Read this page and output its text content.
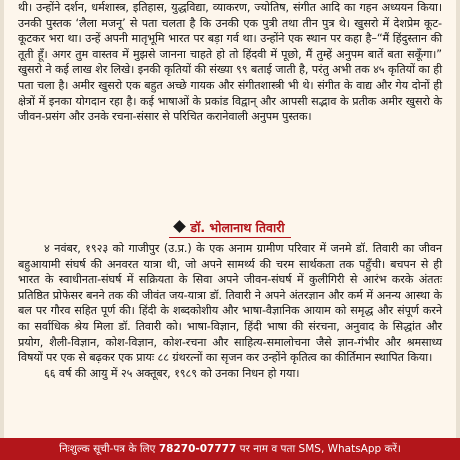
थी। उन्होंने दर्शन, धर्मशास्त्र, इतिहास, युद्धविद्या, व्याकरण, ज्योतिष, संगीत आदि का गहन अध्ययन किया। उनकी पुस्तक ‘लैला मजनू’ से पता चलता है कि उनकी एक पुत्री तथा तीन पुत्र थे। खुसरो में देशप्रेम कूट-कूटकर भरा था। उन्हें अपनी मातृभूमि भारत पर बड़ा गर्व था। उन्होंने एक स्थान पर कहा है–“मैं हिंदुस्तान की तूती हूँ। अगर तुम वास्तव में मुझसे जानना चाहते हो तो हिंदवी में पूछो, मैं तुम्हें अनुपम बातें बता सकूँगा।” खुसरो ने कई लाख शेर लिखे। इनकी कृतियों की संख्या ९९ बताई जाती है, परंतु अभी तक ४५ कृतियों का ही पता चला है। अमीर खुसरो एक बहुत अच्छे गायक और संगीतशास्त्री भी थे। संगीत के वाद्य और गेय दोनों ही क्षेत्रों में इनका योगदान रहा है। कई भाषाओं के प्रकांड विद्वान् और आपसी सद्भाव के प्रतीक अमीर खुसरो के जीवन-प्रसंग और उनके रचना-संसार से परिचित करानेवाली अनुपम पुस्तक।
डॉ. भोलानाथ तिवारी

४ नवंबर, १९२३ को गाजीपुर (उ.प्र.) के एक अनाम ग्रामीण परिवार में जनमे डॉ. तिवारी का जीवन बहुआयामी संघर्ष की अनवरत यात्रा थी, जो अपने सामर्थ्य की चरम सार्थकता तक पहुँची। बचपन से ही भारत के स्वाधीनता-संघर्ष में सक्रियता के सिवा अपने जीवन-संघर्ष में कुलीगिरी से आरंभ करके अंततः प्रतिष्ठित प्रोफेसर बनने तक की जीवंत जय-यात्रा डॉ. तिवारी ने अपने अंतरज्ञान और कर्म में अनन्य आस्था के बल पर गौरव सहित पूर्ण की। हिंदी के शब्दकोशीय और भाषा-वैज्ञानिक आयाम को समृद्ध और संपूर्ण करने का सर्वाधिक श्रेय मिला डॉ. तिवारी को। भाषा-विज्ञान, हिंदी भाषा की संरचना, अनुवाद के सिद्धांत और प्रयोग, शैली-विज्ञान, कोश-विज्ञान, कोश-रचना और साहित्य-समालोचना जैसे ज्ञान-गंभीर और श्रमसाध्य विषयों पर एक से बढ़कर एक प्रायः ८८ ग्रंथरत्नों का सृजन कर उन्होंने कृतित्व का कीर्तिमान स्थापित किया।

६६ वर्ष की आयु में २५ अक्तूबर, १९८९ को उनका निधन हो गया।

निःशुल्क सूची-पत्र के लिए 78270-07777 पर नाम व पता SMS, WhatsApp करें।
